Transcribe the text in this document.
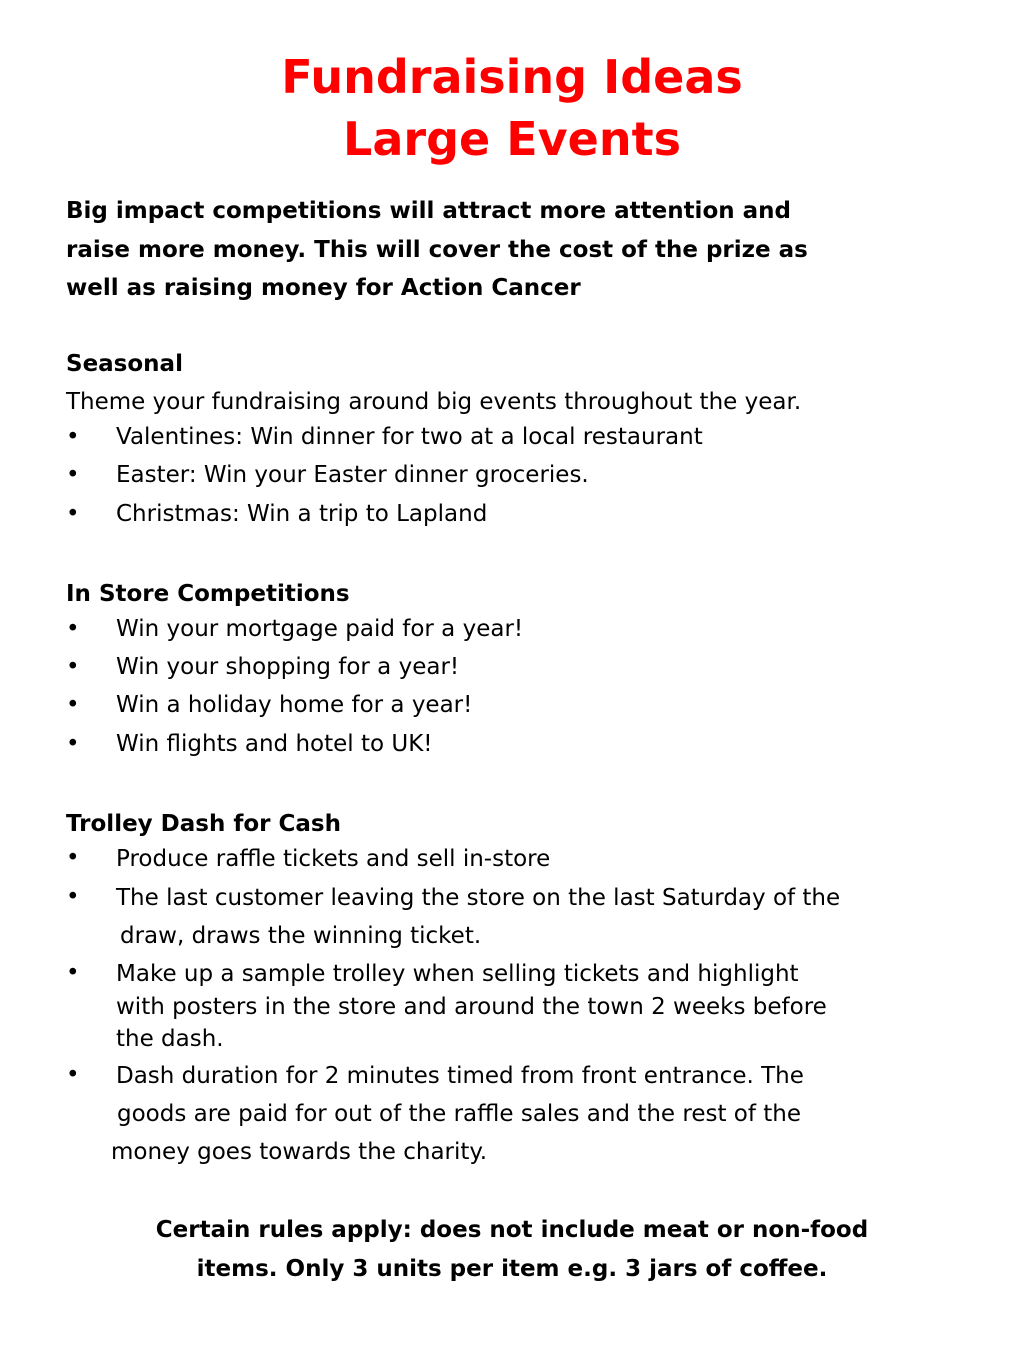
Fundraising Ideas
Large Events

Big impact competitions will attract more attention and
raise more money. This will cover the cost of the prize as
well as raising money for Action Cancer

Seasonal

Theme your fundraising around big events throughout the year.

• Valentines: Win dinner for two at a local restaurant
• Easter: Win your Easter dinner groceries.
• Christmas: Win a trip to Lapland
In Store Competitions
• Win your mortgage paid for a year!
• Win your shopping for a year!
• Win a holiday home for a year!
• Win flights and hotel to UK!
Trolley Dash for Cash
• Produce raffle tickets and sell in-store
• The last customer leaving the store on the last Saturday of the
draw, draws the winning ticket.
• Make up a sample trolley when selling tickets and highlight
with posters in the store and around the town 2 weeks before
the dash.
• Dash duration for 2 minutes timed from front entrance. The
goods are paid for out of the raffle sales and the rest of the
money goes towards the charity.

Certain rules apply: does not include meat or non-food
items. Only 3 units per item e.g. 3 jars of coffee.
